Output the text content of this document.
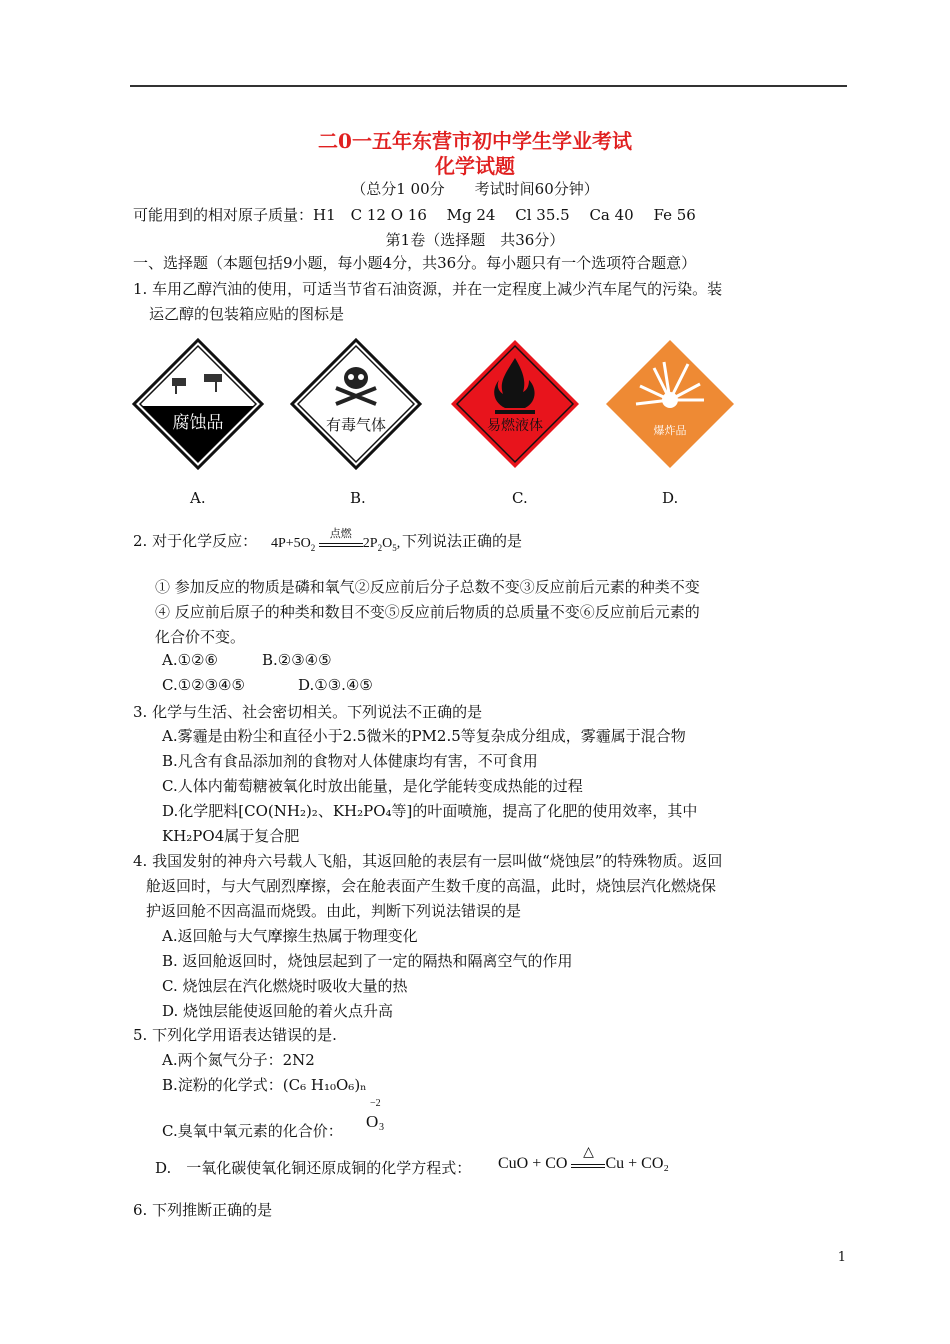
二0一五年东营市初中学生学业考试
化学试题
（总分1 00分　　考试时间60分钟）
可能用到的相对原子质量：H1　C 12 O 16　 Mg 24　 Cl 35.5　 Ca 40　 Fe 56
第1卷（选择题　共36分）
一、选择题（本题包括9小题，每小题4分，共36分。每小题只有一个选项符合题意）
1. 车用乙醇汽油的使用，可适当节省石油资源，并在一定程度上减少汽车尾气的污染。装
运乙醇的包装箱应贴的图标是
腐蚀品	有毒气体	易燃液体	爆炸品
A.	B.	C.	D.
2. 对于化学反应： $4P+5O_2$
点燃
$2P_2O_5$, 下列说法正确的是
① 参加反应的物质是磷和氧气②反应前后分子总数不变③反应前后元素的种类不变
④ 反应前后原子的种类和数目不变⑤反应前后物质的总质量不变⑥反应前后元素的
化合价不变。
A.①②⑥	B.②③④⑤
C.①②③④⑤	D.①③.④⑤
3. 化学与生活、社会密切相关。下列说法不正确的是
A.雾霾是由粉尘和直径小于2.5微米的PM2.5等复杂成分组成，雾霾属于混合物
B.凡含有食品添加剂的食物对人体健康均有害，不可食用
C.人体内葡萄糖被氧化时放出能量，是化学能转变成热能的过程
D.化学肥料[CO(NH₂)₂、KH₂PO₄等]的叶面喷施，提高了化肥的使用效率，其中
KH₂PO4属于复合肥
4. 我国发射的神舟六号载人飞船，其返回舱的表层有一层叫做“烧蚀层”的特殊物质。返回
舱返回时，与大气剧烈摩擦，会在舱表面产生数千度的高温，此时，烧蚀层汽化燃烧保
护返回舱不因高温而烧毁。由此，判断下列说法错误的是
A.返回舱与大气摩擦生热属于物理变化
B. 返回舱返回时，烧蚀层起到了一定的隔热和隔离空气的作用
C. 烧蚀层在汽化燃烧时吸收大量的热
D. 烧蚀层能使返回舱的着火点升高
5. 下列化学用语表达错误的是.
A.两个氮气分子：2N2
B.淀粉的化学式：(C₆ H₁₀O₆)ₙ
C.臭氧中氧元素的化合价：
−2
O 3
D.　一氧化碳使氧化铜还原成铜的化学方程式： CuO + CO
△
Cu + CO₂
6. 下列推断正确的是
1
